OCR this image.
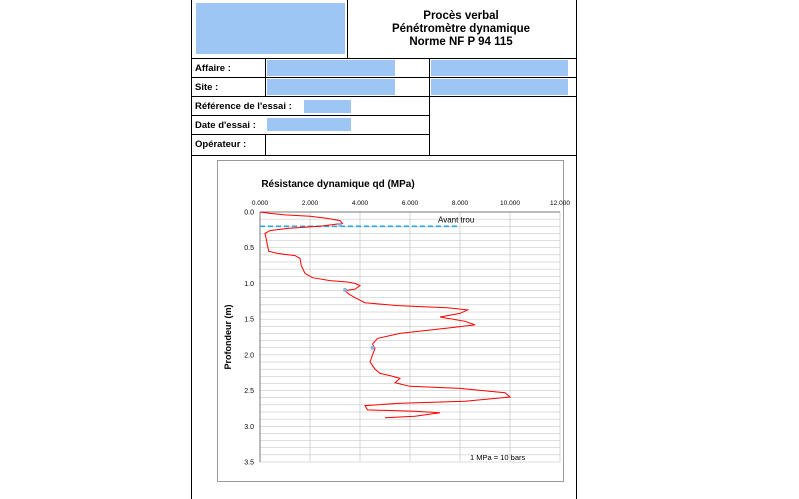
Procès verbal
Pénétromètre dynamique
Norme NF P 94 115
Affaire :
Site :
Référence de l'essai :
Date d'essai :
Opérateur :
0.000	2.000	4.000	6.000	8.000	10.000	12.000
0.0
0.5
1.0
1.5
2.0
2.5
3.0
3.5
Avant trou
Résistance dynamique qd (MPa)
Profondeur (m)
1 MPa = 10 bars
